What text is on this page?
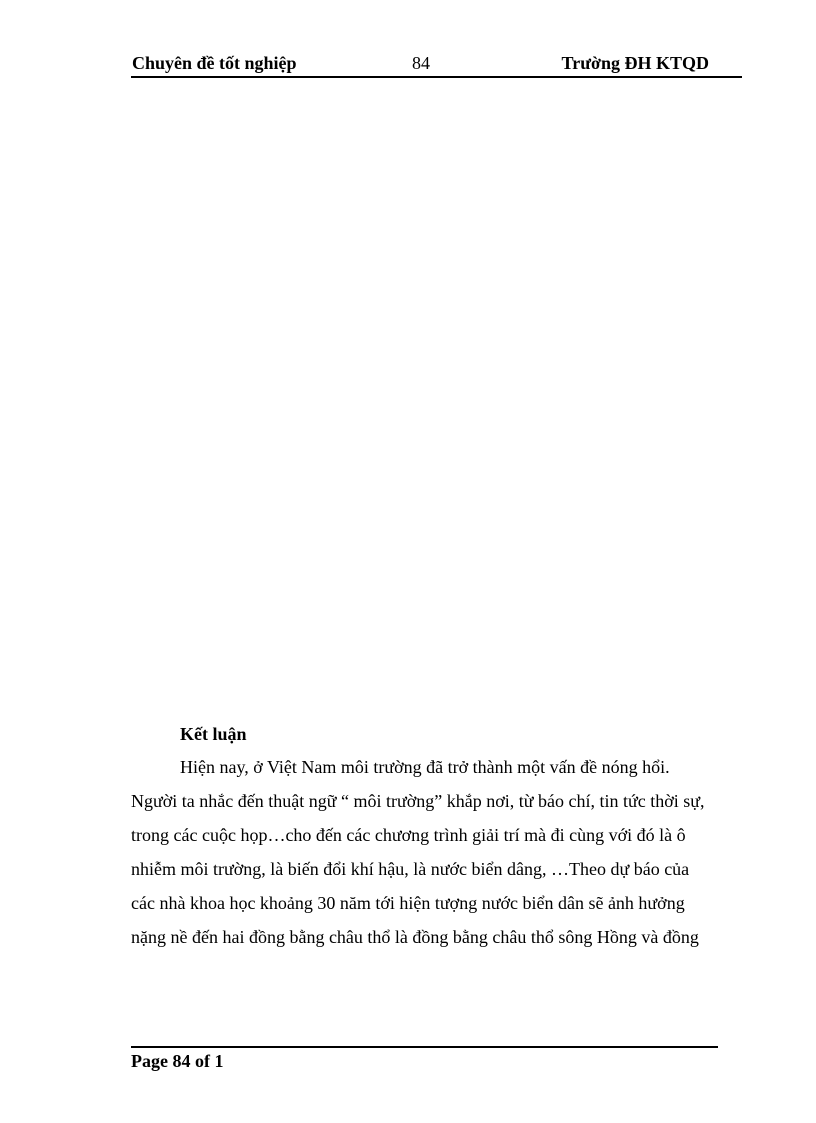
Chuyên đề tốt nghiệp	84	Trường ĐH KTQD
Kết luận
Hiện nay, ở Việt Nam môi trường đã trở thành một vấn đề nóng hổi.
Người ta nhắc đến thuật ngữ “ môi trường” khắp nơi, từ báo chí, tin tức thời sự,
trong các cuộc họp…cho đến các chương trình giải trí mà đi cùng với đó là ô
nhiễm môi trường, là biến đổi khí hậu, là nước biển dâng, …Theo dự báo của
các nhà khoa học khoảng 30 năm tới hiện tượng nước biển dân sẽ ảnh hưởng
nặng nề đến hai đồng bằng châu thổ là đồng bằng châu thổ sông Hồng và đồng
Page 84 of 1
